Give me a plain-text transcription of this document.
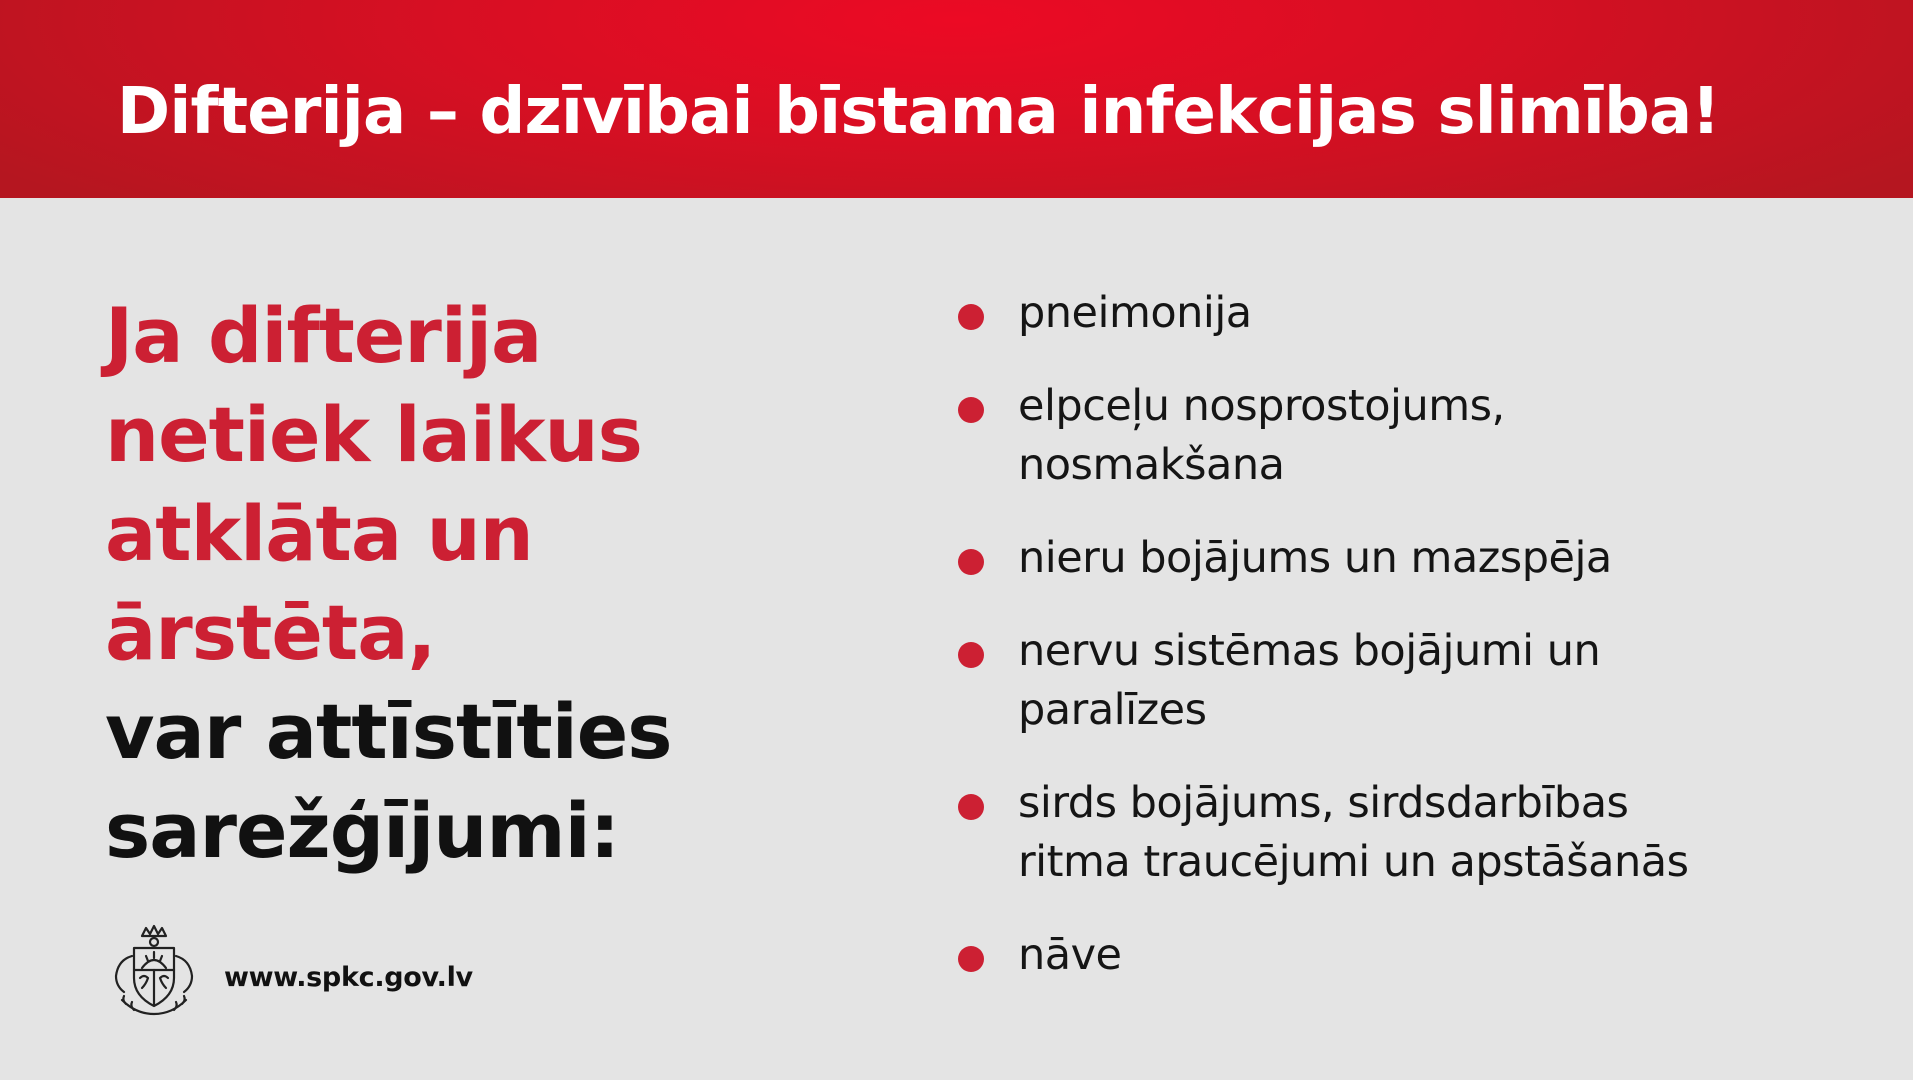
Difterija – dzīvībai bīstama infekcijas slimība!
Ja difterija
netiek laikus
atklāta un
ārstēta,
var attīstīties
sarežģījumi:
pneimonija
elpceļu nosprostojums,
nosmakšana
nieru bojājums un mazspēja
nervu sistēmas bojājumi un
paralīzes
sirds bojājums, sirdsdarbības
ritma traucējumi un apstāšanās
nāve
www.spkc.gov.lv
